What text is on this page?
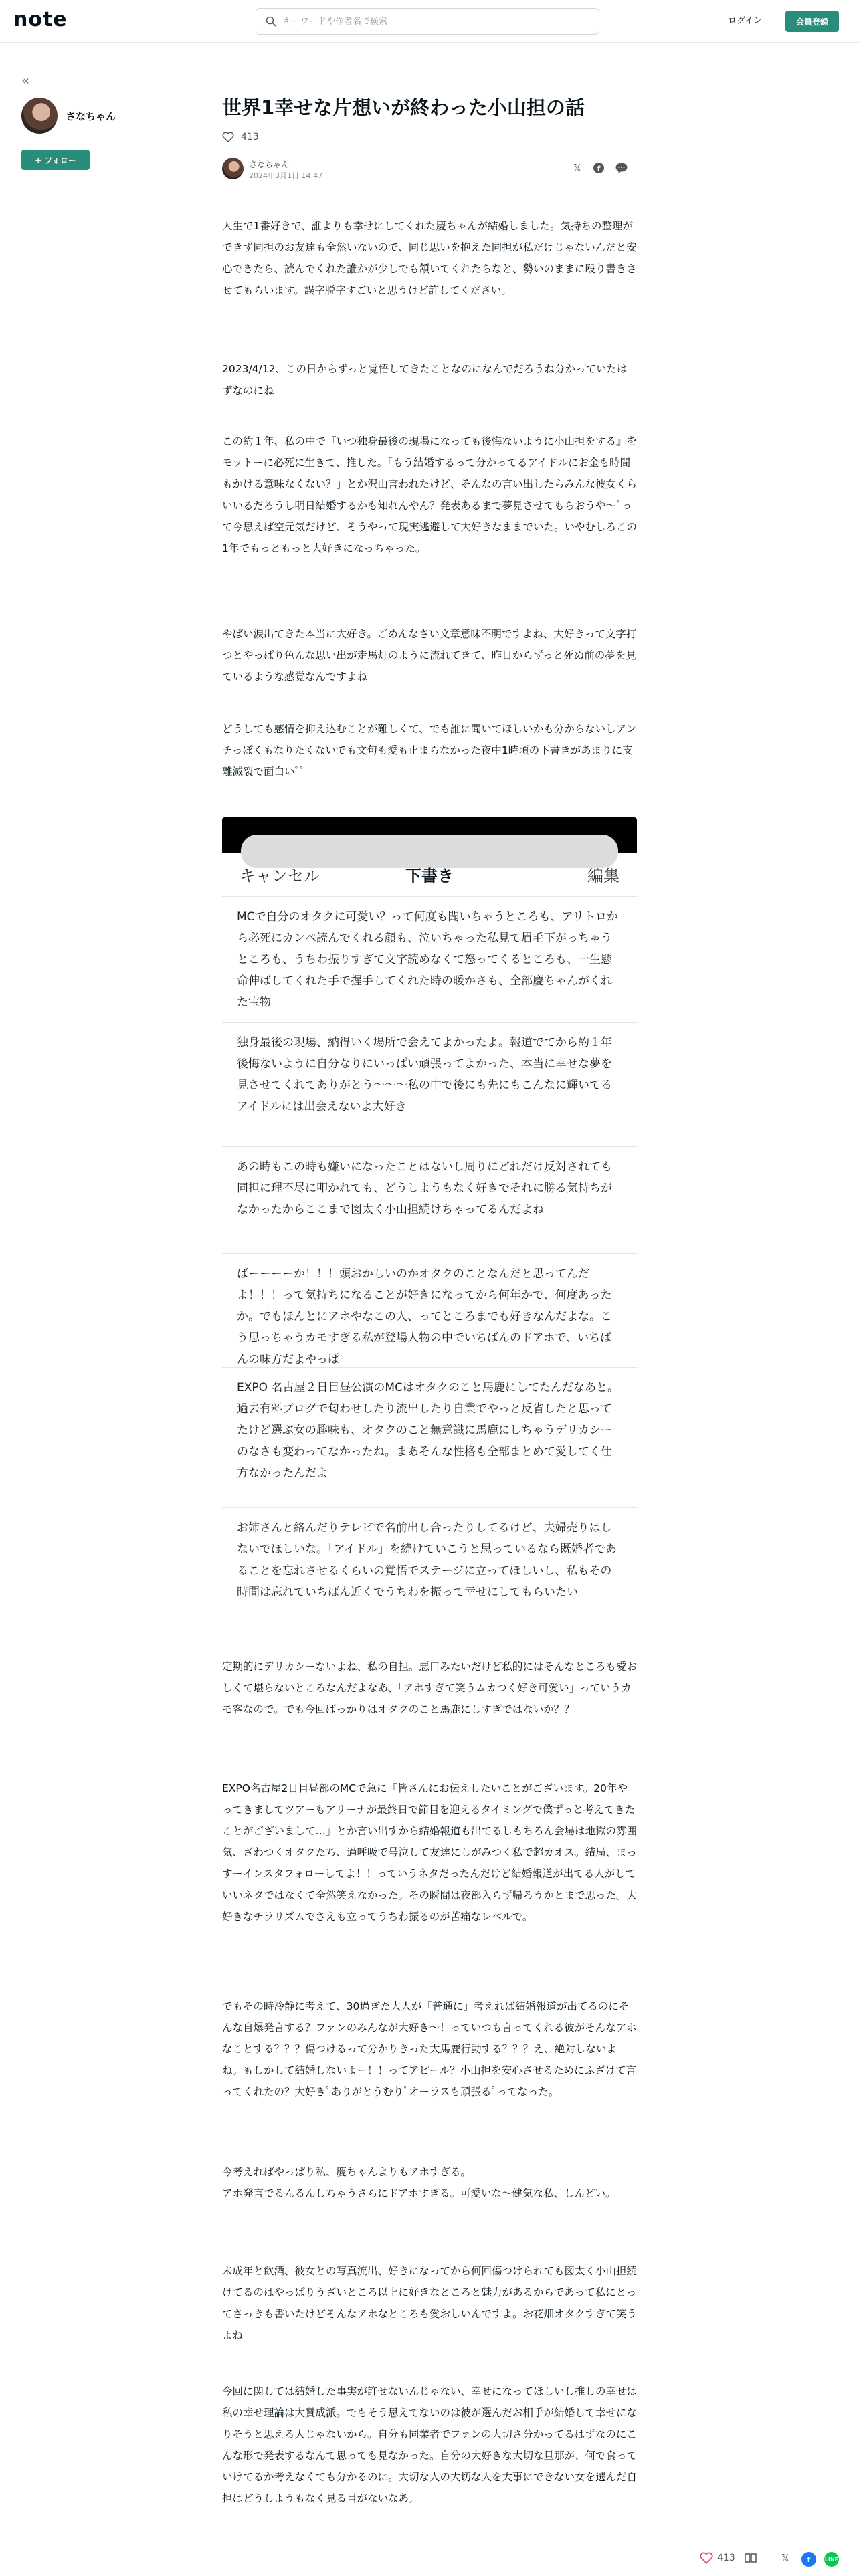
note
キーワードや作者名で検索	ログイン	会員登録
«
さなちゃん
+ フォロー
世界1幸せな片想いが終わった小山担の話
413
さなちゃん
2024年3月1日 14:47
𝕏	f

人生で1番好きで、誰よりも幸せにしてくれた慶ちゃんが結婚しました。気持ちの整理ができず同担のお友達も全然いないので、同じ思いを抱えた同担が私だけじゃないんだと安心できたら、読んでくれた誰かが少しでも頷いてくれたらなと、勢いのままに殴り書きさせてもらいます。誤字脱字すごいと思うけど許してください。

2023/4/12、この日からずっと覚悟してきたことなのになんでだろうね分かっていたはずなのにね

この約１年、私の中で『いつ独身最後の現場になっても後悔ないように小山担をする』をモットーに必死に生きて、推した。「もう結婚するって分かってるアイドルにお金も時間もかける意味なくない？」とか沢山言われたけど、そんなの言い出したらみんな彼女くらいいるだろうし明日結婚するかも知れんやん？発表あるまで夢見させてもらおうや〜ﾟって今思えば空元気だけど、そうやって現実逃避して大好きなままでいた。いやむしろこの1年でもっともっと大好きになっちゃった。

やばい涙出てきた本当に大好き。ごめんなさい文章意味不明ですよね、大好きって文字打つとやっぱり色んな思い出が走馬灯のように流れてきて、昨日からずっと死ぬ前の夢を見ているような感覚なんですよね

どうしても感情を抑え込むことが難しくて、でも誰に聞いてほしいかも分からないしアンチっぽくもなりたくないでも文句も愛も止まらなかった夜中1時頃の下書きがあまりに支離滅裂で面白いﾟﾟ

キャンセル	下書き	編集
MCで自分のオタクに可愛い？って何度も聞いちゃうところも、アリトロから必死にカンペ読んでくれる顔も、泣いちゃった私見て眉毛下がっちゃうところも、うちわ振りすぎて文字読めなくて怒ってくるところも、一生懸命伸ばしてくれた手で握手してくれた時の暖かさも、全部慶ちゃんがくれた宝物
独身最後の現場、納得いく場所で会えてよかったよ。報道でてから約１年後悔ないように自分なりにいっぱい頑張ってよかった、本当に幸せな夢を見させてくれてありがとう〜〜〜私の中で後にも先にもこんなに輝いてるアイドルには出会えないよ大好き
あの時もこの時も嫌いになったことはないし周りにどれだけ反対されても同担に理不尽に叩かれても、どうしようもなく好きでそれに勝る気持ちがなかったからここまで図太く小山担続けちゃってるんだよね
ばーーーーか！！！頭おかしいのかオタクのことなんだと思ってんだよ！！！って気持ちになることが好きになってから何年かで、何度あったか。でもほんとにアホやなこの人、ってところまでも好きなんだよな。こう思っちゃうカモすぎる私が登場人物の中でいちばんのドアホで、いちばんの味方だよやっぱ
EXPO 名古屋２日目昼公演のMCはオタクのこと馬鹿にしてたんだなあと。過去有料ブログで匂わせしたり流出したり自業でやっと反省したと思ってたけど選ぶ女の趣味も、オタクのこと無意識に馬鹿にしちゃうデリカシーのなさも変わってなかったね。まあそんな性格も全部まとめて愛してく仕方なかったんだよ
お姉さんと絡んだりテレビで名前出し合ったりしてるけど、夫婦売りはしないでほしいな。「アイドル」を続けていこうと思っているなら既婚者であることを忘れさせるくらいの覚悟でステージに立ってほしいし、私もその時間は忘れていちばん近くでうちわを振って幸せにしてもらいたい

定期的にデリカシーないよね、私の自担。悪口みたいだけど私的にはそんなところも愛おしくて堪らないところなんだよなあ、「アホすぎて笑うムカつく好き可愛い」っていうカモ客なので。でも今回ばっかりはオタクのこと馬鹿にしすぎではないか？？

EXPO名古屋2日目昼部のMCで急に「皆さんにお伝えしたいことがございます。20年やってきましてツアーもアリーナが最終日で節目を迎えるタイミングで僕ずっと考えてきたことがございまして…」とか言い出すから結婚報道も出てるしもちろん会場は地獄の雰囲気、ざわつくオタクたち、過呼吸で号泣して友達にしがみつく私で超カオス。結局、まっすーインスタフォローしてよ！！っていうネタだったんだけど結婚報道が出てる人がしていいネタではなくて全然笑えなかった。その瞬間は夜部入らず帰ろうかとまで思った。大好きなチラリズムでさえも立ってうちわ振るのが苦痛なレベルで。

でもその時冷静に考えて、30過ぎた大人が「普通に」考えれば結婚報道が出てるのにそんな自爆発言する？ファンのみんなが大好き〜！っていつも言ってくれる彼がそんなアホなことする？？？傷つけるって分かりきった大馬鹿行動する？？？え、絶対しないよね。もしかして結婚しないよー！！ってアピール？小山担を安心させるためにふざけて言ってくれたの？大好きﾟありがとうむりﾟオーラスも頑張るﾟってなった。

今考えればやっぱり私、慶ちゃんよりもアホすぎる。
アホ発言でるんるんしちゃうさらにドアホすぎる。可愛いな〜健気な私、しんどい。

未成年と飲酒、彼女との写真流出、好きになってから何回傷つけられても図太く小山担続けてるのはやっぱりうざいところ以上に好きなところと魅力があるからであって私にとってさっきも書いたけどそんなアホなところも愛おしいんですよ。お花畑オタクすぎて笑うよね

今回に関しては結婚した事実が許せないんじゃない、幸せになってほしいし推しの幸せは私の幸せ理論は大賛成派。でもそう思えてないのは彼が選んだお相手が結婚して幸せになりそうと思える人じゃないから。自分も同業者でファンの大切さ分かってるはずなのにこんな形で発表するなんて思っても見なかった。自分の大好きな大切な旦那が、何で食っていけてるか考えなくても分かるのに。大切な人の大切な人を大事にできない女を選んだ自担はどうしようもなく見る目がないなあ。

413	𝕏	f	LINE
